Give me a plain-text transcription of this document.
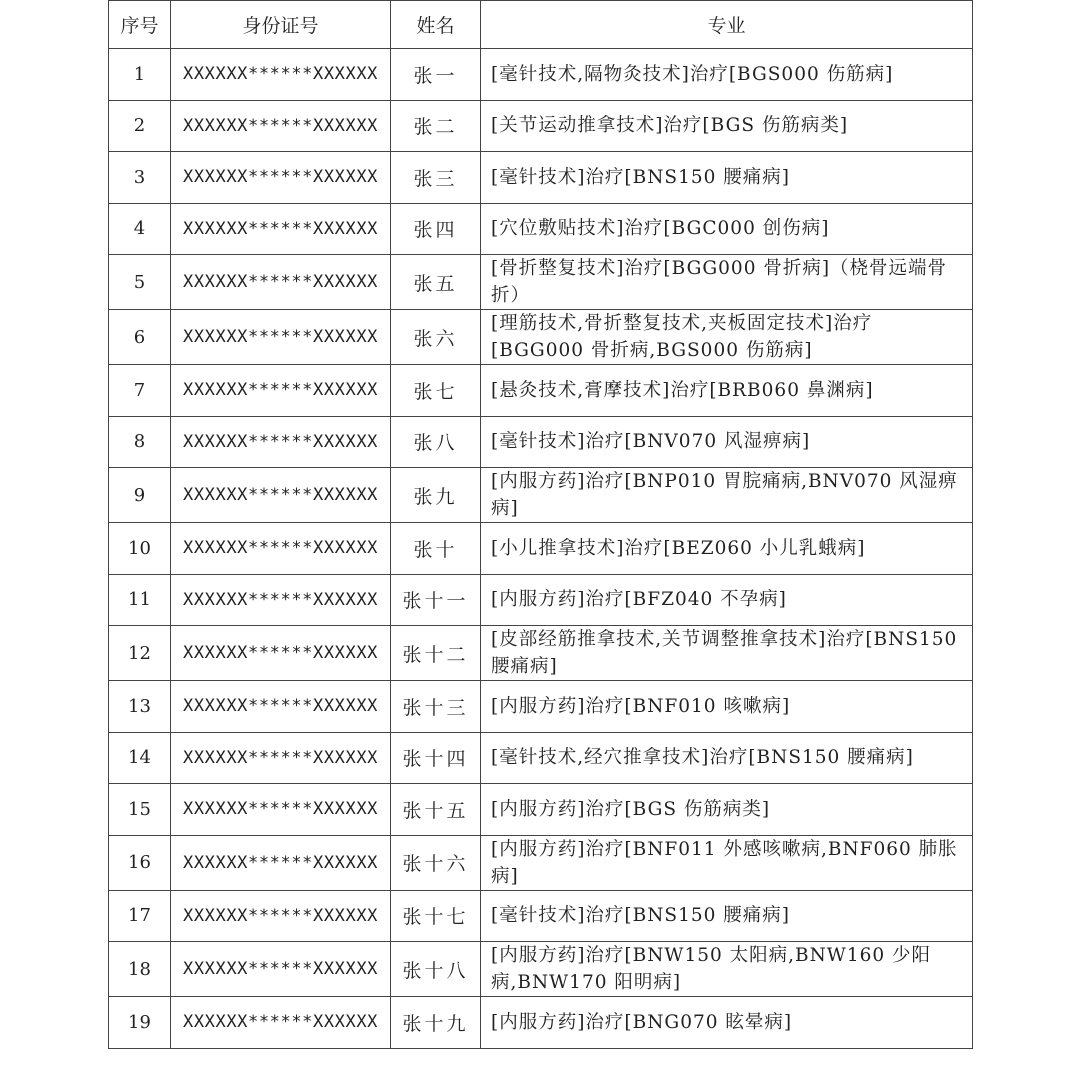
序号	身份证号	姓名	专业
1	XXXXXX******XXXXXX	张一	[毫针技术,隔物灸技术]治疗[BGS000 伤筋病]
2	XXXXXX******XXXXXX	张二	[关节运动推拿技术]治疗[BGS 伤筋病类]
3	XXXXXX******XXXXXX	张三	[毫针技术]治疗[BNS150 腰痛病]
4	XXXXXX******XXXXXX	张四	[穴位敷贴技术]治疗[BGC000 创伤病]
5	XXXXXX******XXXXXX	张五	[骨折整复技术]治疗[BGG000 骨折病]（桡骨远端骨折）
6	XXXXXX******XXXXXX	张六	[理筋技术,骨折整复技术,夹板固定技术]治疗[BGG000 骨折病,BGS000 伤筋病]
7	XXXXXX******XXXXXX	张七	[悬灸技术,膏摩技术]治疗[BRB060 鼻渊病]
8	XXXXXX******XXXXXX	张八	[毫针技术]治疗[BNV070 风湿痹病]
9	XXXXXX******XXXXXX	张九	[内服方药]治疗[BNP010 胃脘痛病,BNV070 风湿痹病]
10	XXXXXX******XXXXXX	张十	[小儿推拿技术]治疗[BEZ060 小儿乳蛾病]
11	XXXXXX******XXXXXX	张十一	[内服方药]治疗[BFZ040 不孕病]
12	XXXXXX******XXXXXX	张十二	[皮部经筋推拿技术,关节调整推拿技术]治疗[BNS150 腰痛病]
13	XXXXXX******XXXXXX	张十三	[内服方药]治疗[BNF010 咳嗽病]
14	XXXXXX******XXXXXX	张十四	[毫针技术,经穴推拿技术]治疗[BNS150 腰痛病]
15	XXXXXX******XXXXXX	张十五	[内服方药]治疗[BGS 伤筋病类]
16	XXXXXX******XXXXXX	张十六	[内服方药]治疗[BNF011 外感咳嗽病,BNF060 肺胀病]
17	XXXXXX******XXXXXX	张十七	[毫针技术]治疗[BNS150 腰痛病]
18	XXXXXX******XXXXXX	张十八	[内服方药]治疗[BNW150 太阳病,BNW160 少阳病,BNW170 阳明病]
19	XXXXXX******XXXXXX	张十九	[内服方药]治疗[BNG070 眩晕病]
